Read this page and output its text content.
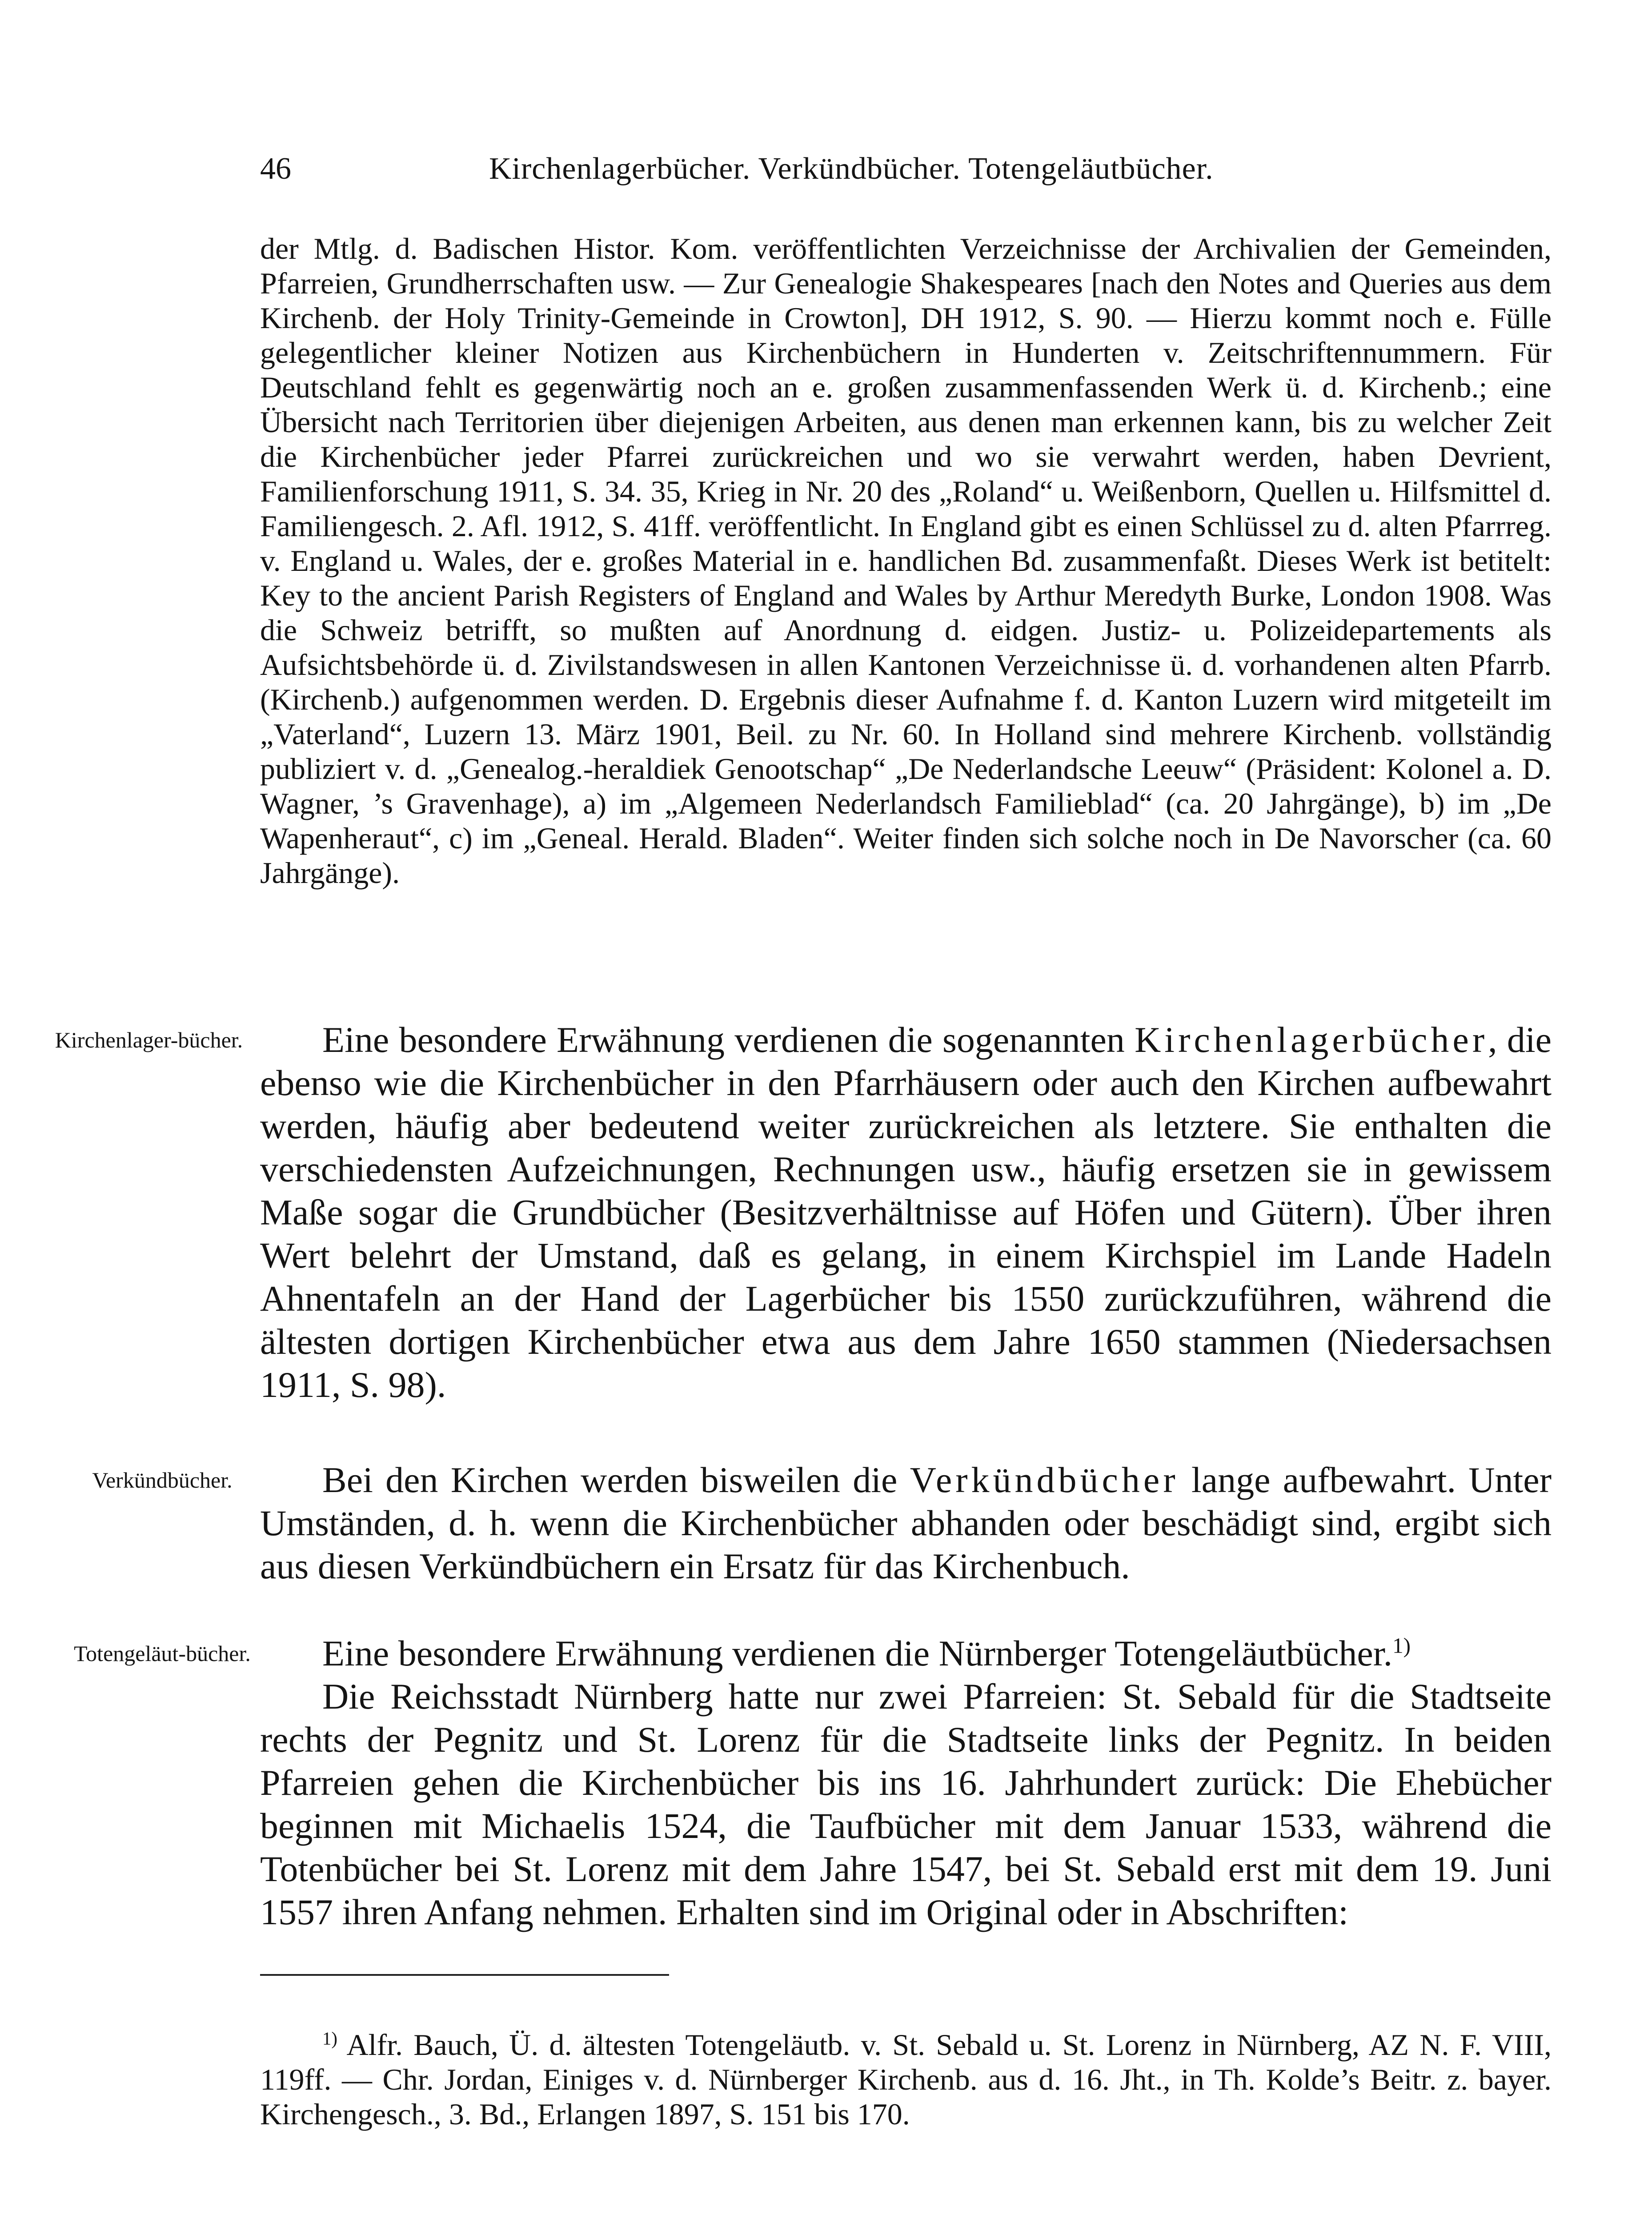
46	Kirchenlagerbücher. Verkündbücher. Totengeläutbücher.

der Mtlg. d. Badischen Histor. Kom. veröffentlichten Verzeichnisse der Archivalien der Gemeinden, Pfarreien, Grundherrschaften usw. — Zur Genealogie Shakespeares [nach den Notes and Queries aus dem Kirchenb. der Holy Trinity-Gemeinde in Crowton], DH 1912, S. 90. — Hierzu kommt noch e. Fülle gelegentlicher kleiner Notizen aus Kirchenbüchern in Hunderten v. Zeitschriftennummern. Für Deutschland fehlt es gegenwärtig noch an e. großen zusammenfassenden Werk ü. d. Kirchenb.; eine Übersicht nach Territorien über diejenigen Arbeiten, aus denen man erkennen kann, bis zu welcher Zeit die Kirchenbücher jeder Pfarrei zurückreichen und wo sie verwahrt werden, haben Devrient, Familienforschung 1911, S. 34. 35, Krieg in Nr. 20 des „Roland“ u. Weißenborn, Quellen u. Hilfsmittel d. Familiengesch. 2. Afl. 1912, S. 41ff. veröffentlicht. In England gibt es einen Schlüssel zu d. alten Pfarrreg. v. England u. Wales, der e. großes Material in e. handlichen Bd. zusammenfaßt. Dieses Werk ist betitelt: Key to the ancient Parish Registers of England and Wales by Arthur Meredyth Burke, London 1908. Was die Schweiz betrifft, so mußten auf Anordnung d. eidgen. Justiz- u. Polizeidepartements als Aufsichtsbehörde ü. d. Zivilstandswesen in allen Kantonen Verzeichnisse ü. d. vorhandenen alten Pfarrb. (Kirchenb.) aufgenommen werden. D. Ergebnis dieser Aufnahme f. d. Kanton Luzern wird mitgeteilt im „Vaterland“, Luzern 13. März 1901, Beil. zu Nr. 60. In Holland sind mehrere Kirchenb. vollständig publiziert v. d. „Genealog.-heraldiek Genootschap“ „De Nederlandsche Leeuw“ (Präsident: Kolonel a. D. Wagner, ’s Gravenhage), a) im „Algemeen Nederlandsch Familieblad“ (ca. 20 Jahrgänge), b) im „De Wapenheraut“, c) im „Geneal. Herald. Bladen“. Weiter finden sich solche noch in De Navorscher (ca. 60 Jahrgänge).

Kirchenlager-bücher.	Eine besondere Erwähnung verdienen die sogenannten Kirchenlagerbücher, die ebenso wie die Kirchenbücher in den Pfarrhäusern oder auch den Kirchen aufbewahrt werden, häufig aber bedeutend weiter zurückreichen als letztere. Sie enthalten die verschiedensten Aufzeichnungen, Rechnungen usw., häufig ersetzen sie in gewissem Maße sogar die Grundbücher (Besitzverhältnisse auf Höfen und Gütern). Über ihren Wert belehrt der Umstand, daß es gelang, in einem Kirchspiel im Lande Hadeln Ahnentafeln an der Hand der Lagerbücher bis 1550 zurückzuführen, während die ältesten dortigen Kirchenbücher etwa aus dem Jahre 1650 stammen (Niedersachsen 1911, S. 98).

Verkündbücher.	Bei den Kirchen werden bisweilen die Verkündbücher lange aufbewahrt. Unter Umständen, d. h. wenn die Kirchenbücher abhanden oder beschädigt sind, ergibt sich aus diesen Verkündbüchern ein Ersatz für das Kirchenbuch.

Totengeläut-bücher.	Eine besondere Erwähnung verdienen die Nürnberger Totengeläutbücher.$^{1)}$

Die Reichsstadt Nürnberg hatte nur zwei Pfarreien: St. Sebald für die Stadtseite rechts der Pegnitz und St. Lorenz für die Stadtseite links der Pegnitz. In beiden Pfarreien gehen die Kirchenbücher bis ins 16. Jahrhundert zurück: Die Ehebücher beginnen mit Michaelis 1524, die Taufbücher mit dem Januar 1533, während die Totenbücher bei St. Lorenz mit dem Jahre 1547, bei St. Sebald erst mit dem 19. Juni 1557 ihren Anfang nehmen. Erhalten sind im Original oder in Abschriften:

$^{1)}$ Alfr. Bauch, Ü. d. ältesten Totengeläutb. v. St. Sebald u. St. Lorenz in Nürnberg, AZ N. F. VIII, 119ff. — Chr. Jordan, Einiges v. d. Nürnberger Kirchenb. aus d. 16. Jht., in Th. Kolde’s Beitr. z. bayer. Kirchengesch., 3. Bd., Erlangen 1897, S. 151 bis 170.
